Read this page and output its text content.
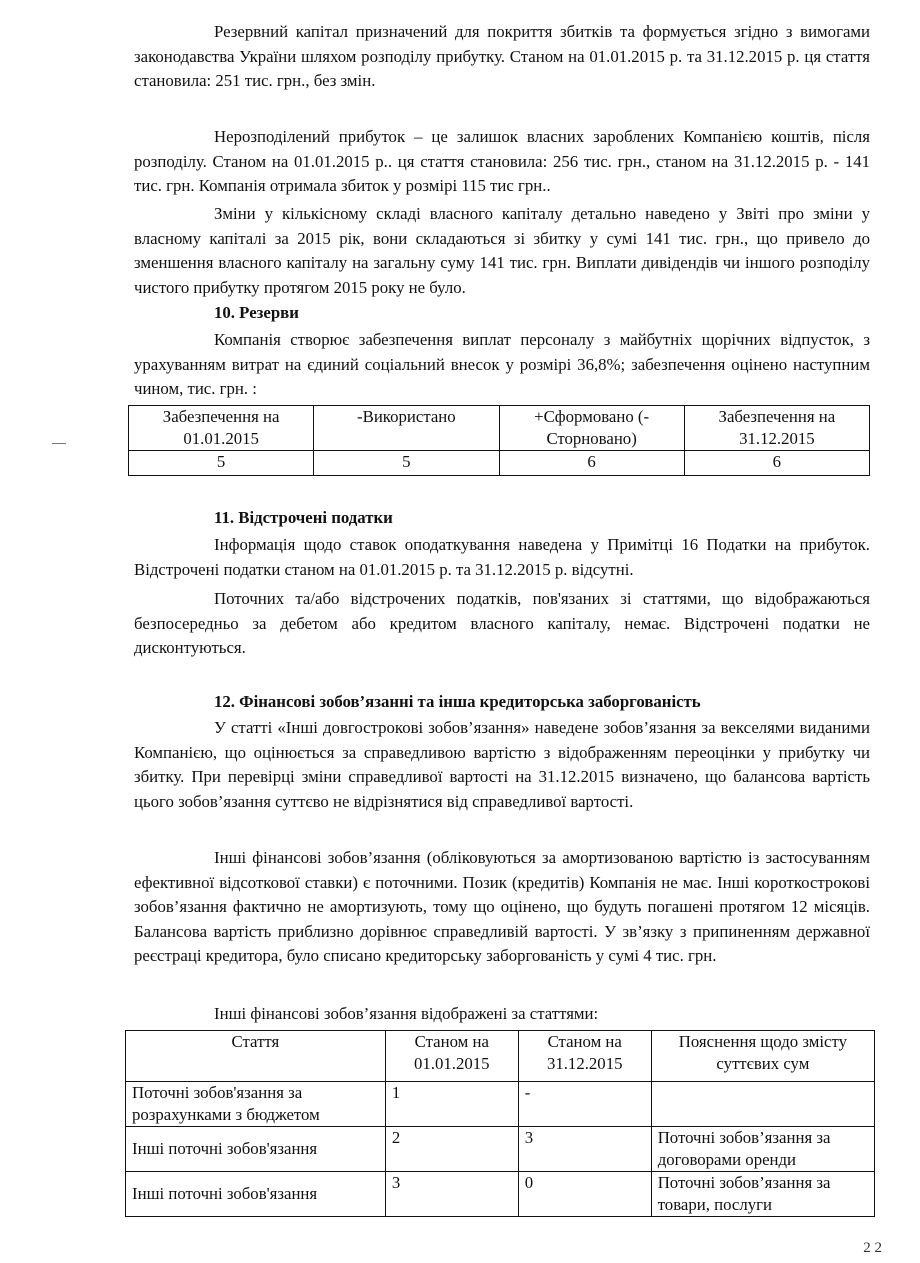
Резервний капітал призначений для покриття збитків та формується згідно з вимогами законодавства України шляхом розподілу прибутку. Станом на 01.01.2015 р. та 31.12.2015 р. ця стаття становила: 251 тис. грн., без змін.

Нерозподілений прибуток – це залишок власних зароблених Компанією коштів, після розподілу. Станом на 01.01.2015 р.. ця стаття становила: 256 тис. грн., станом на 31.12.2015 р. - 141 тис. грн. Компанія отримала збиток у розмірі 115 тис грн..

Зміни у кількісному складі власного капіталу детально наведено у Звіті про зміни у власному капіталі за 2015 рік, вони складаються зі збитку у сумі 141 тис. грн., що привело до зменшення власного капіталу на загальну суму 141 тис. грн. Виплати дивідендів чи іншого розподілу чистого прибутку протягом 2015 року не було.

10. Резерви

Компанія створює забезпечення виплат персоналу з майбутніх щорічних відпусток, з урахуванням витрат на єдиний соціальний внесок у розмірі 36,8%; забезпечення оцінено наступним чином, тис. грн. :

Забезпечення на 01.01.2015	-Використано	+Сформовано (-Сторновано)	Забезпечення на 31.12.2015
5	5	6	6
11. Відстрочені податки

Інформація щодо ставок оподаткування наведена у Примітці 16 Податки на прибуток. Відстрочені податки станом на 01.01.2015 р. та 31.12.2015 р. відсутні.

Поточних та/або відстрочених податків, пов'язаних зі статтями, що відображаються безпосередньо за дебетом або кредитом власного капіталу, немає. Відстрочені податки не дисконтуються.

12. Фінансові зобов’язанні та інша кредиторська заборгованість

У статті «Інші довгострокові зобов’язання» наведене зобов’язання за векселями виданими Компанією, що оцінюється за справедливою вартістю з відображенням переоцінки у прибутку чи збитку. При перевірці зміни справедливої вартості на 31.12.2015 визначено, що балансова вартість цього зобов’язання суттєво не відрізнятися від справедливої вартості.

Інші фінансові зобов’язання (обліковуються за амортизованою вартістю із застосуванням ефективної відсоткової ставки) є поточними. Позик (кредитів) Компанія не має. Інші короткострокові зобов’язання фактично не амортизують, тому що оцінено, що будуть погашені протягом 12 місяців. Балансова вартість приблизно дорівнює справедливій вартості. У зв’язку з припиненням державної реєстраці кредитора, було списано кредиторську заборгованість у сумі 4 тис. грн.

Інші фінансові зобов’язання відображені за статтями:

Стаття	Станом на 01.01.2015	Станом на 31.12.2015	Пояснення щодо змісту суттєвих сум
Поточні зобов'язання за розрахунками з бюджетом	1	-	
Інші поточні зобов'язання	2	3	Поточні зобов’язання за договорами оренди
Інші поточні зобов'язання	3	0	Поточні зобов’язання за товари, послуги
2 2
